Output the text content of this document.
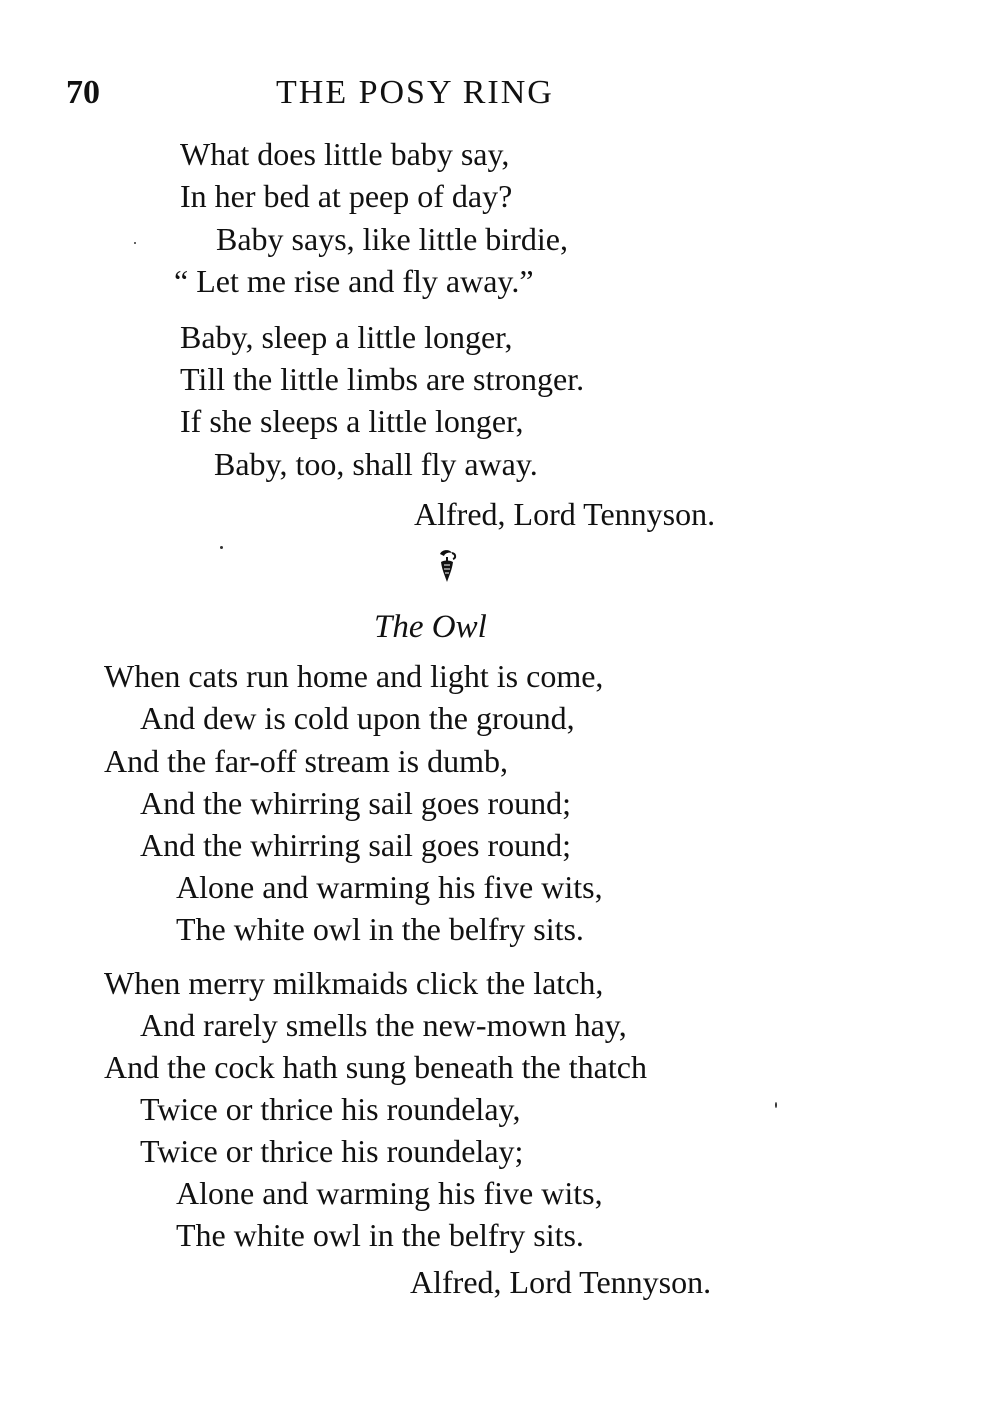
70	THE POSY RING
What does little baby say,
In her bed at peep of day?
Baby says, like little birdie,
“ Let me rise and fly away.”
Baby, sleep a little longer,
Till the little limbs are stronger.
If she sleeps a little longer,
Baby, too, shall fly away.
Alfred, Lord Tennyson.
The Owl
When cats run home and light is come,
And dew is cold upon the ground,
And the far-off stream is dumb,
And the whirring sail goes round;
And the whirring sail goes round;
Alone and warming his five wits,
The white owl in the belfry sits.
When merry milkmaids click the latch,
And rarely smells the new-mown hay,
And the cock hath sung beneath the thatch
Twice or thrice his roundelay,
Twice or thrice his roundelay;
Alone and warming his five wits,
The white owl in the belfry sits.
Alfred, Lord Tennyson.
